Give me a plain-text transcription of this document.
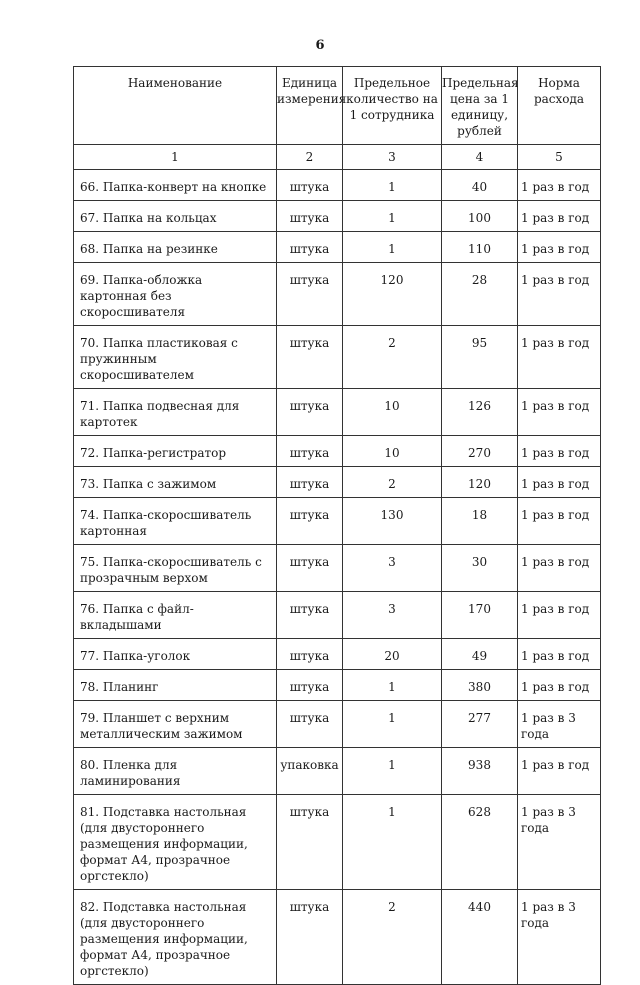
6
Наименование	Единица измерения	Предельное количество на 1 сотрудника	Предельная цена за 1 единицу, рублей	Норма расхода
1	2	3	4	5
66. Папка-конверт на кнопке	штука	1	40	1 раз в год
67. Папка на кольцах	штука	1	100	1 раз в год
68. Папка на резинке	штука	1	110	1 раз в год
69. Папка-обложка картонная без скоросшивателя	штука	120	28	1 раз в год
70. Папка пластиковая с пружинным скоросшивателем	штука	2	95	1 раз в год
71. Папка подвесная для картотек	штука	10	126	1 раз в год
72. Папка-регистратор	штука	10	270	1 раз в год
73. Папка с зажимом	штука	2	120	1 раз в год
74. Папка-скоросшиватель картонная	штука	130	18	1 раз в год
75. Папка-скоросшиватель с прозрачным верхом	штука	3	30	1 раз в год
76. Папка с файл-вкладышами	штука	3	170	1 раз в год
77. Папка-уголок	штука	20	49	1 раз в год
78. Планинг	штука	1	380	1 раз в год
79. Планшет с верхним металлическим зажимом	штука	1	277	1 раз в 3 года
80. Пленка для ламинирования	упаковка	1	938	1 раз в год
81. Подставка настольная (для двустороннего размещения информации, формат А4, прозрачное оргстекло)	штука	1	628	1 раз в 3 года
82. Подставка настольная (для двустороннего размещения информации, формат А4, прозрачное оргстекло)	штука	2	440	1 раз в 3 года
